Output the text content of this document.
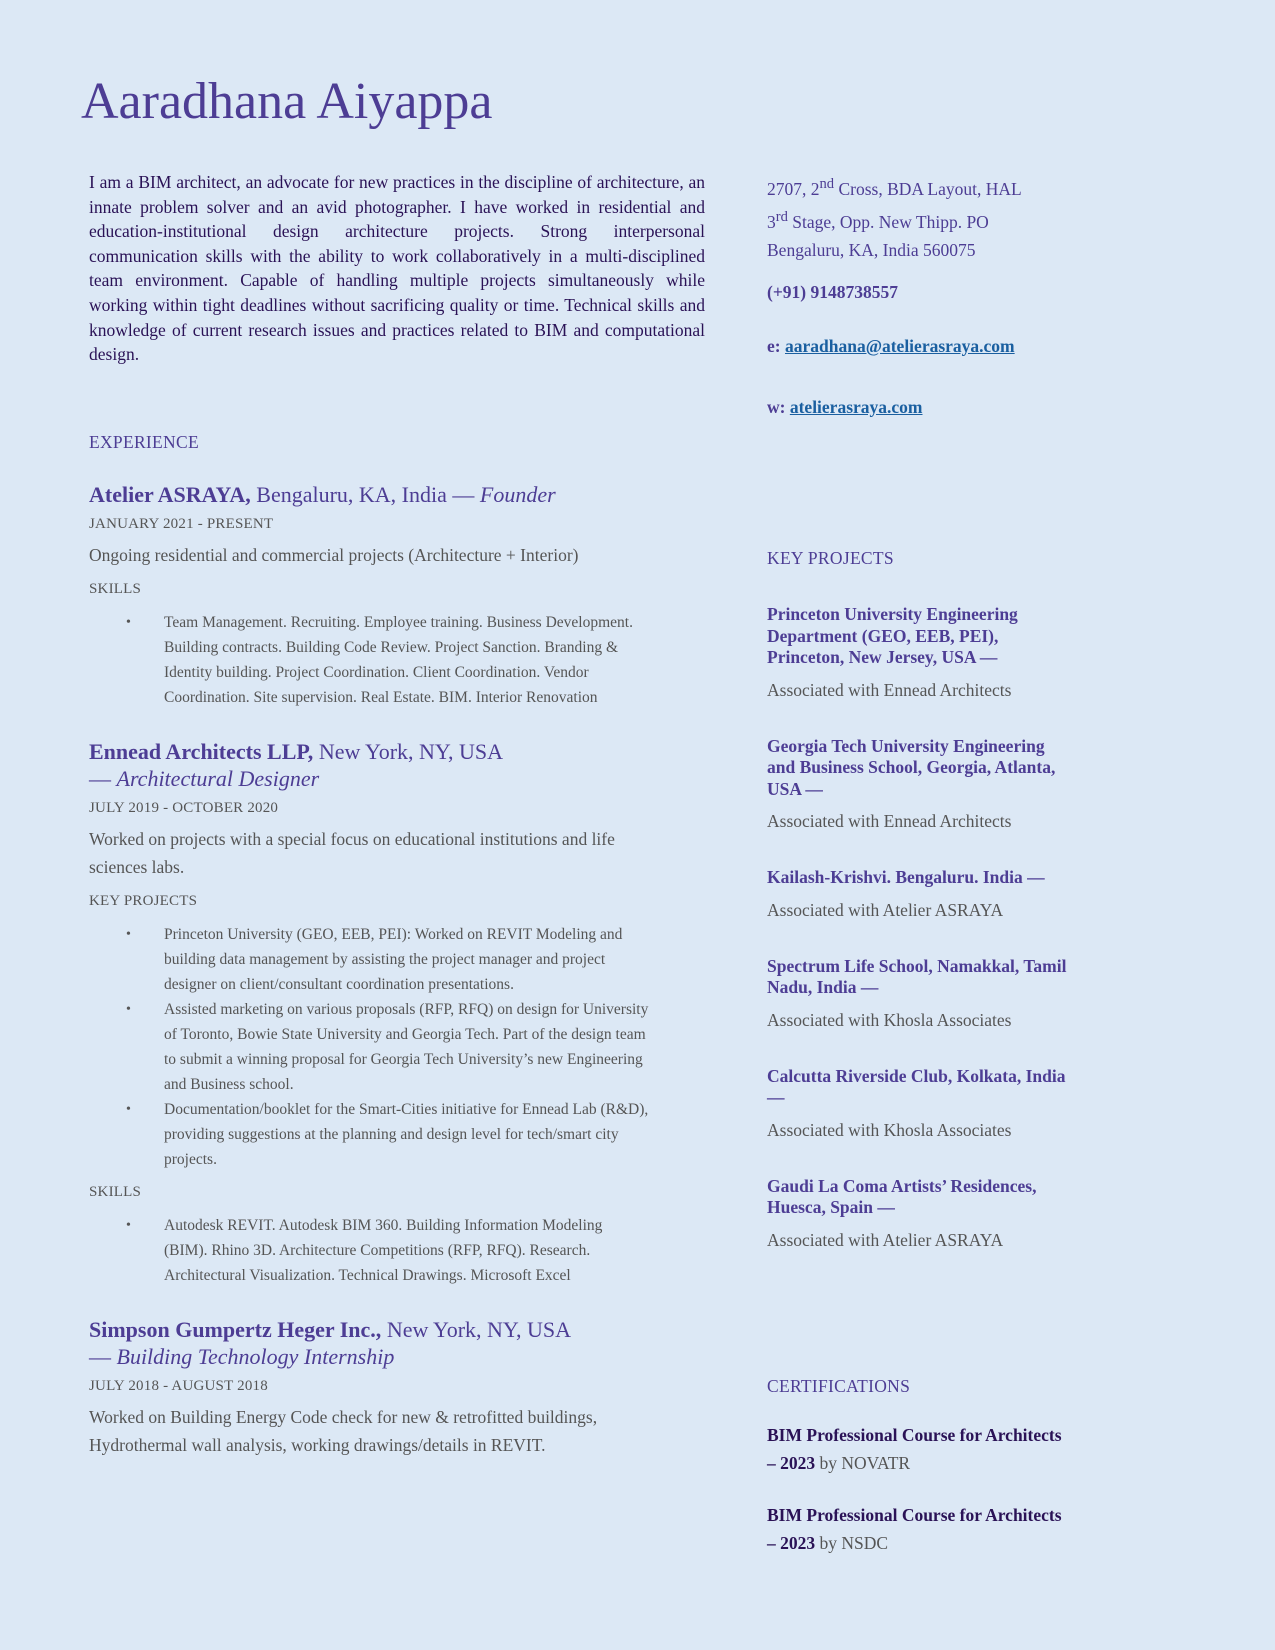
Aaradhana Aiyappa

I am a BIM architect, an advocate for new practices in the discipline of architecture, an innate problem solver and an avid photographer. I have worked in residential and education-institutional design architecture projects. Strong interpersonal communication skills with the ability to work collaboratively in a multi-disciplined team environment. Capable of handling multiple projects simultaneously while working within tight deadlines without sacrificing quality or time. Technical skills and knowledge of current research issues and practices related to BIM and computational design.

2707, 2nd Cross, BDA Layout, HAL
3rd Stage, Opp. New Thipp. PO
Bengaluru, KA, India 560075

(+91) 9148738557

e: aaradhana@atelierasraya.com

w: atelierasraya.com

EXPERIENCE

Atelier ASRAYA, Bengaluru, KA, India — Founder

JANUARY 2021 - PRESENT

Ongoing residential and commercial projects (Architecture + Interior)

SKILLS

• Team Management. Recruiting. Employee training. Business Development. Building contracts. Building Code Review. Project Sanction. Branding & Identity building. Project Coordination. Client Coordination. Vendor Coordination. Site supervision. Real Estate. BIM. Interior Renovation

Ennead Architects LLP, New York, NY, USA
— Architectural Designer

JULY 2019 - OCTOBER 2020

Worked on projects with a special focus on educational institutions and life sciences labs.

KEY PROJECTS

• Princeton University (GEO, EEB, PEI): Worked on REVIT Modeling and building data management by assisting the project manager and project designer on client/consultant coordination presentations.
• Assisted marketing on various proposals (RFP, RFQ) on design for University of Toronto, Bowie State University and Georgia Tech. Part of the design team to submit a winning proposal for Georgia Tech University’s new Engineering and Business school.
• Documentation/booklet for the Smart-Cities initiative for Ennead Lab (R&D), providing suggestions at the planning and design level for tech/smart city projects.

SKILLS

• Autodesk REVIT. Autodesk BIM 360. Building Information Modeling (BIM). Rhino 3D. Architecture Competitions (RFP, RFQ). Research. Architectural Visualization. Technical Drawings. Microsoft Excel

Simpson Gumpertz Heger Inc., New York, NY, USA
— Building Technology Internship

JULY 2018 - AUGUST 2018

Worked on Building Energy Code check for new & retrofitted buildings, Hydrothermal wall analysis, working drawings/details in REVIT.

KEY PROJECTS

Princeton University Engineering Department (GEO, EEB, PEI), Princeton, New Jersey, USA —

Associated with Ennead Architects

Georgia Tech University Engineering and Business School, Georgia, Atlanta, USA —

Associated with Ennead Architects

Kailash-Krishvi. Bengaluru. India —

Associated with Atelier ASRAYA

Spectrum Life School, Namakkal, Tamil Nadu, India —

Associated with Khosla Associates

Calcutta Riverside Club, Kolkata, India —

Associated with Khosla Associates

Gaudi La Coma Artists’ Residences, Huesca, Spain —

Associated with Atelier ASRAYA

CERTIFICATIONS

BIM Professional Course for Architects – 2023 by NOVATR
BIM Professional Course for Architects – 2023 by NSDC
